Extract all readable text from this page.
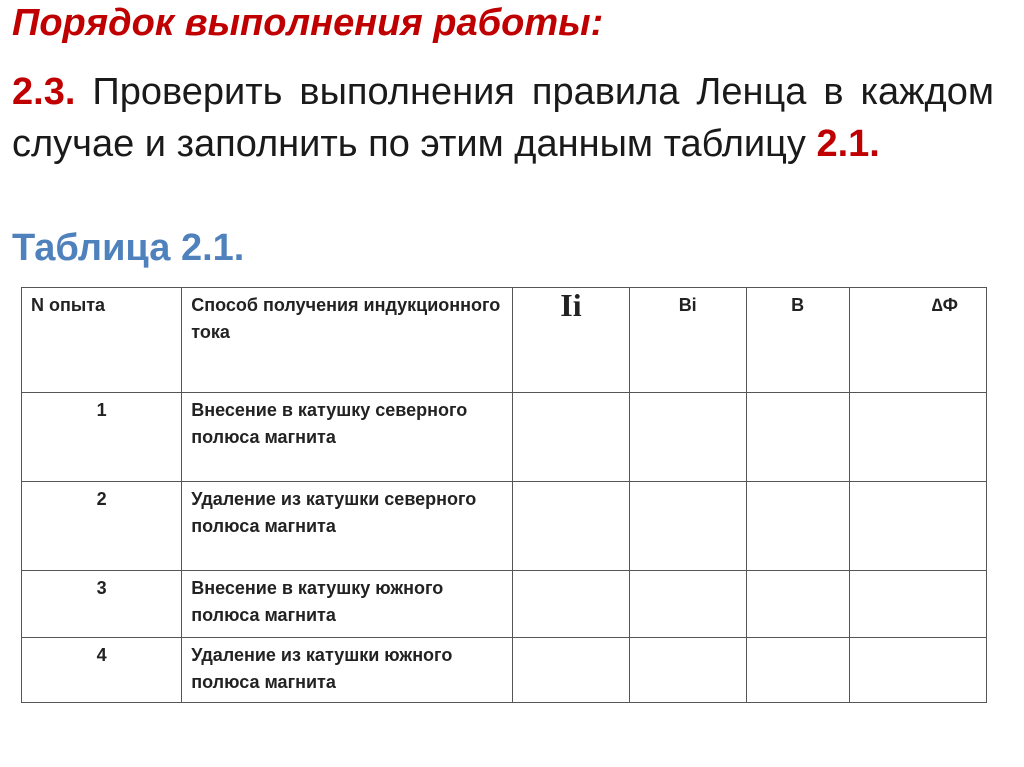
Порядок выполнения работы:
2.3. Проверить выполнения правила Ленца в каждом случае и заполнить по этим данным таблицу 2.1.
Таблица 2.1.
N опыта	Способ получения индукционного тока	Ii	Bi	B	∆Ф
1	Внесение в катушку северного полюса магнита				
2	Удаление из катушки северного полюса магнита				
3	Внесение в катушку южного полюса магнита				
4	Удаление из катушки южного полюса магнита				
